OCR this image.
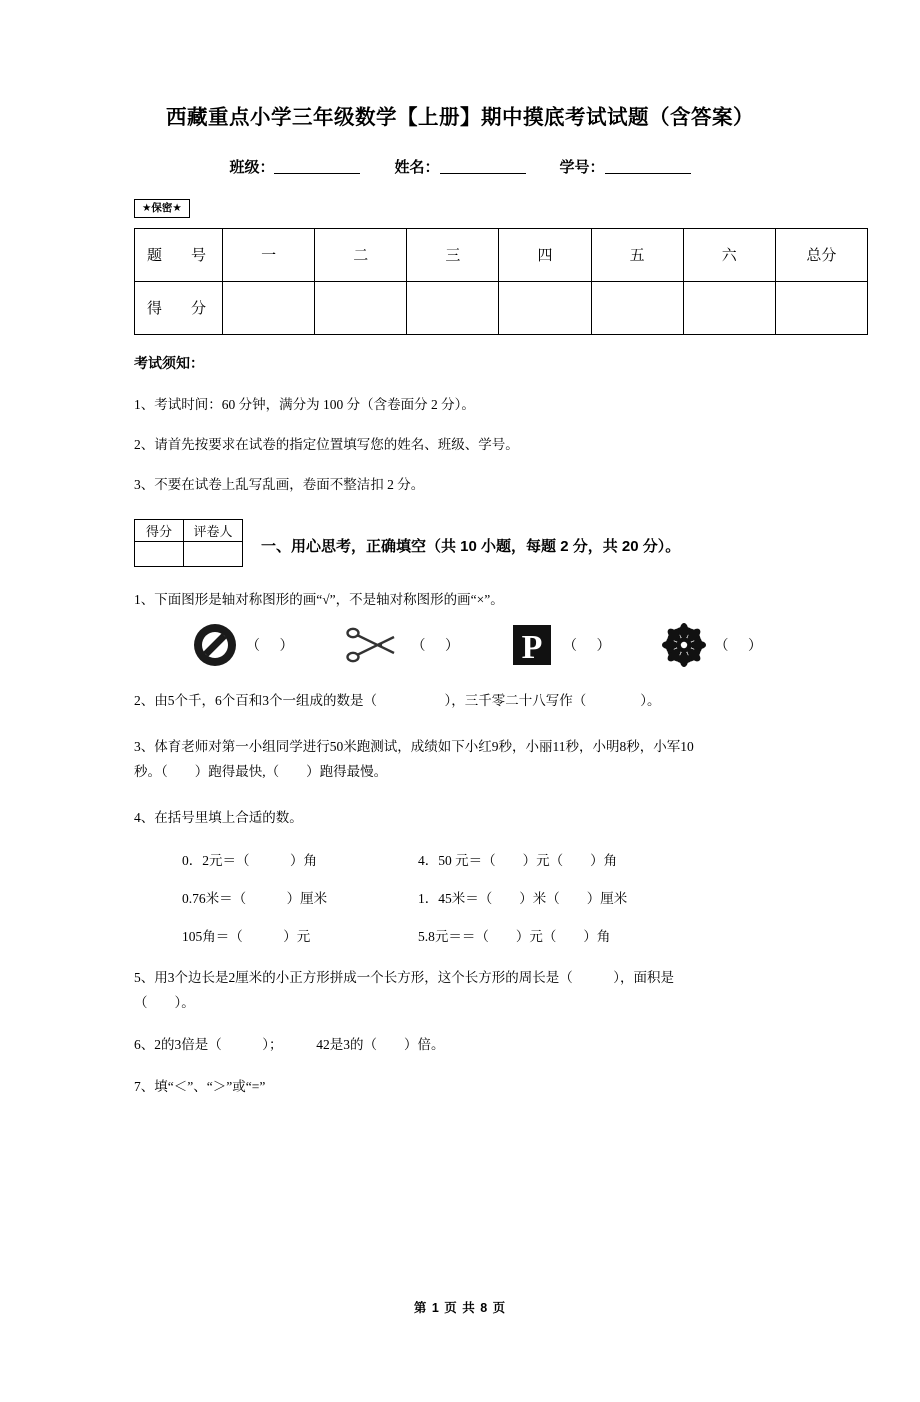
西藏重点小学三年级数学【上册】期中摸底考试试题（含答案）
班级：	姓名：	学号：
★保密★
题　号	一	二	三	四	五	六	总分
得　分							
考试须知：
1、考试时间：60 分钟，满分为 100 分（含卷面分 2 分）。
2、请首先按要求在试卷的指定位置填写您的姓名、班级、学号。
3、不要在试卷上乱写乱画，卷面不整洁扣 2 分。
得分	评卷人

一、用心思考，正确填空（共 10 小题，每题 2 分，共 20 分）。
1、下面图形是轴对称图形的画“√”，不是轴对称图形的画“×”。
（ ）	（ ） P （ ）	（ ）
2、由5个千，6个百和3个一组成的数是（　　　　　），三千零二十八写作（　　　　）。
3、体育老师对第一小组同学进行50米跑测试，成绩如下小红9秒，小丽11秒，小明8秒，小军10
秒。（　　）跑得最快,（　　）跑得最慢。
4、在括号里填上合适的数。
0．2元＝（　　　）角	4．50 元＝（　　）元（　　）角
0.76米＝（　　　）厘米	1．45米＝（　　）米（　　）厘米
105角＝（　　　）元	5.8元＝＝（　　）元（　　）角
5、用3个边长是2厘米的小正方形拼成一个长方形，这个长方形的周长是（　　　），面积是
（　　）。
6、2的3倍是（　　　）；　　　42是3的（　　）倍。
7、填“＜”、“＞”或“=”
第 1 页 共 8 页
